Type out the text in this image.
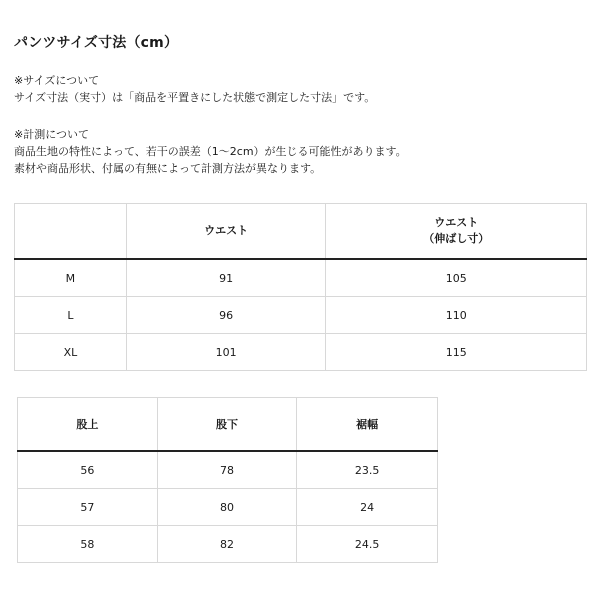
パンツサイズ寸法（cm）

※サイズについて

サイズ寸法（実寸）は「商品を平置きにした状態で測定した寸法」です。

※計測について

商品生地の特性によって、若干の誤差（1～2cm）が生じる可能性があります。

素材や商品形状、付属の有無によって計測方法が異なります。

	ウエスト	ウエスト
（伸ばし寸）

M	91	105
L	96	110
XL	101	115
股上	股下	裾幅
56	78	23.5
57	80	24
58	82	24.5
